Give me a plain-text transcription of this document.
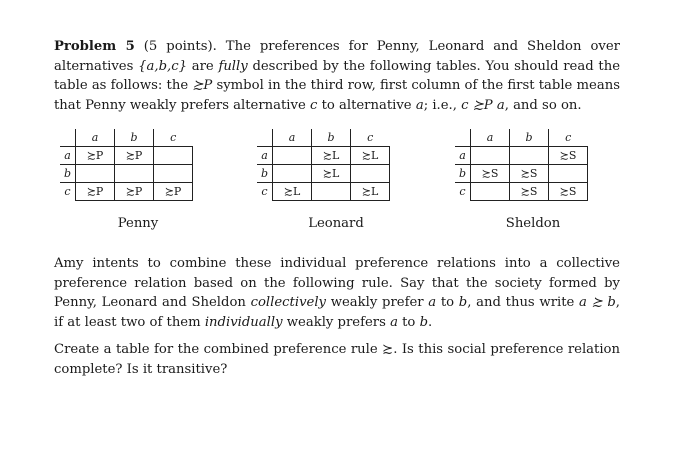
Problem 5 (5 points). The preferences for Penny, Leonard and Sheldon over alternatives {a,b,c} are fully described by the following tables. You should read the table as follows: the ≿P symbol in the third row, first column of the first table means that Penny weakly prefers alternative c to alternative a; i.e., c ≿P a, and so on.

	a	b	c
a	≿P	≿P	
b			
c	≿P	≿P	≿P
	a	b	c
a		≿L	≿L
b		≿L	
c	≿L		≿L
	a	b	c
a			≿S
b	≿S	≿S	
c		≿S	≿S
Penny	Leonard	Sheldon

Amy intents to combine these individual preference relations into a collective preference relation based on the following rule. Say that the society formed by Penny, Leonard and Sheldon collectively weakly prefer a to b, and thus write a ≿ b, if at least two of them individually weakly prefers a to b.

Create a table for the combined preference rule ≿. Is this social preference relation complete? Is it transitive?
